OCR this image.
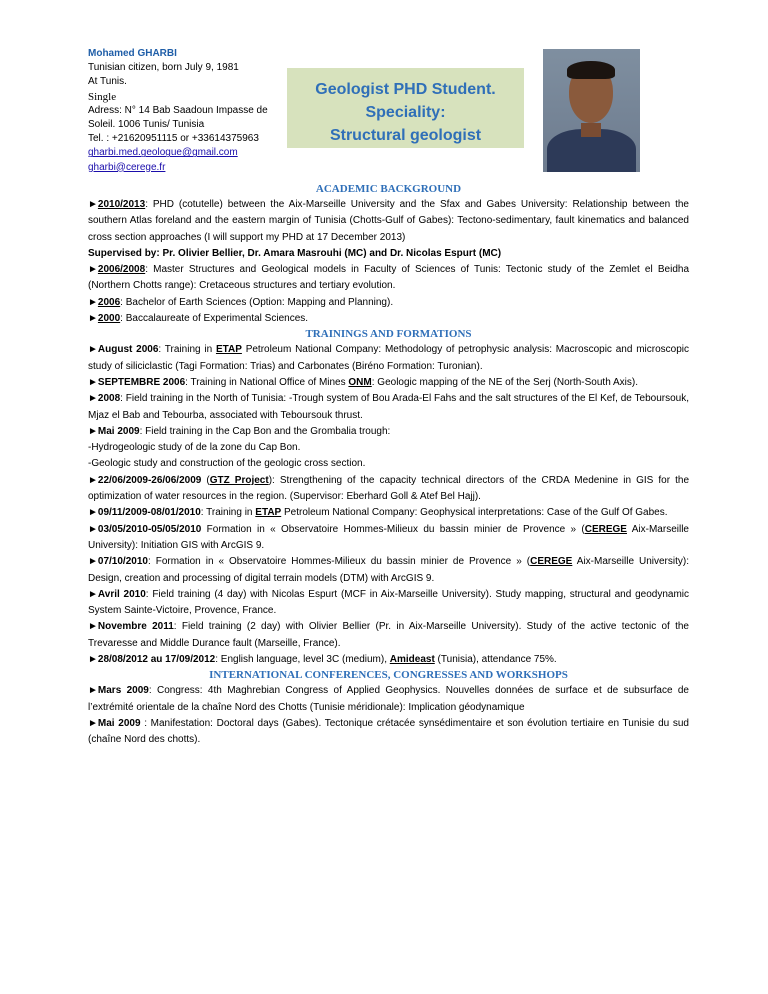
Mohamed GHARBI
Tunisian citizen, born July 9, 1981
At Tunis.
Single
Adress: N° 14 Bab Saadoun Impasse de Soleil. 1006 Tunis/ Tunisia
Tel. : +21620951115 or +33614375963
gharbi.med.geologue@gmail.com
gharbi@cerege.fr
Geologist PHD Student.
Speciality:
Structural geologist
ACADEMIC BACKGROUND

►2010/2013: PHD (cotutelle) between the Aix-Marseille University and the Sfax and Gabes University: Relationship between the southern Atlas foreland and the eastern margin of Tunisia (Chotts-Gulf of Gabes): Tectono-sedimentary, fault kinematics and balanced cross section approaches (I will support my PHD at 17 December 2013)

Supervised by: Pr. Olivier Bellier, Dr. Amara Masrouhi (MC) and Dr. Nicolas Espurt (MC)

►2006/2008: Master Structures and Geological models in Faculty of Sciences of Tunis: Tectonic study of the Zemlet el Beidha (Northern Chotts range): Cretaceous structures and tertiary evolution.

►2006: Bachelor of Earth Sciences (Option: Mapping and Planning).

►2000: Baccalaureate of Experimental Sciences.

TRAININGS AND FORMATIONS

►August 2006: Training in ETAP Petroleum National Company: Methodology of petrophysic analysis: Macroscopic and microscopic study of siliciclastic (Tagi Formation: Trias) and Carbonates (Biréno Formation: Turonian).

►SEPTEMBRE 2006: Training in National Office of Mines ONM: Geologic mapping of the NE of the Serj (North-South Axis).

►2008: Field training in the North of Tunisia: -Trough system of Bou Arada-El Fahs and the salt structures of the El Kef, de Teboursouk, Mjaz el Bab and Tebourba, associated with Teboursouk thrust.

►Mai 2009: Field training in the Cap Bon and the Grombalia trough:

-Hydrogeologic study of de la zone du Cap Bon.

-Geologic study and construction of the geologic cross section.

►22/06/2009-26/06/2009 (GTZ Project): Strengthening of the capacity technical directors of the CRDA Medenine in GIS for the optimization of water resources in the region. (Supervisor: Eberhard Goll & Atef Bel Hajj).

►09/11/2009-08/01/2010: Training in ETAP Petroleum National Company: Geophysical interpretations: Case of the Gulf Of Gabes.

►03/05/2010-05/05/2010 Formation in « Observatoire Hommes-Milieux du bassin minier de Provence » (CEREGE Aix-Marseille University): Initiation GIS with ArcGIS 9.

►07/10/2010: Formation in « Observatoire Hommes-Milieux du bassin minier de Provence » (CEREGE Aix-Marseille University): Design, creation and processing of digital terrain models (DTM) with ArcGIS 9.

►Avril 2010: Field training (4 day) with Nicolas Espurt (MCF in Aix-Marseille University). Study mapping, structural and geodynamic System Sainte-Victoire, Provence, France.

►Novembre 2011: Field training (2 day) with Olivier Bellier (Pr. in Aix-Marseille University). Study of the active tectonic of the Trevaresse and Middle Durance fault (Marseille, France).

►28/08/2012 au 17/09/2012: English language, level 3C (medium), Amideast (Tunisia), attendance 75%.

INTERNATIONAL CONFERENCES, CONGRESSES AND WORKSHOPS

►Mars 2009: Congress: 4th Maghrebian Congress of Applied Geophysics. Nouvelles données de surface et de subsurface de l’extrémité orientale de la chaîne Nord des Chotts (Tunisie méridionale): Implication géodynamique

►Mai 2009 : Manifestation: Doctoral days (Gabes). Tectonique crétacée synsédimentaire et son évolution tertiaire en Tunisie du sud (chaîne Nord des chotts).
